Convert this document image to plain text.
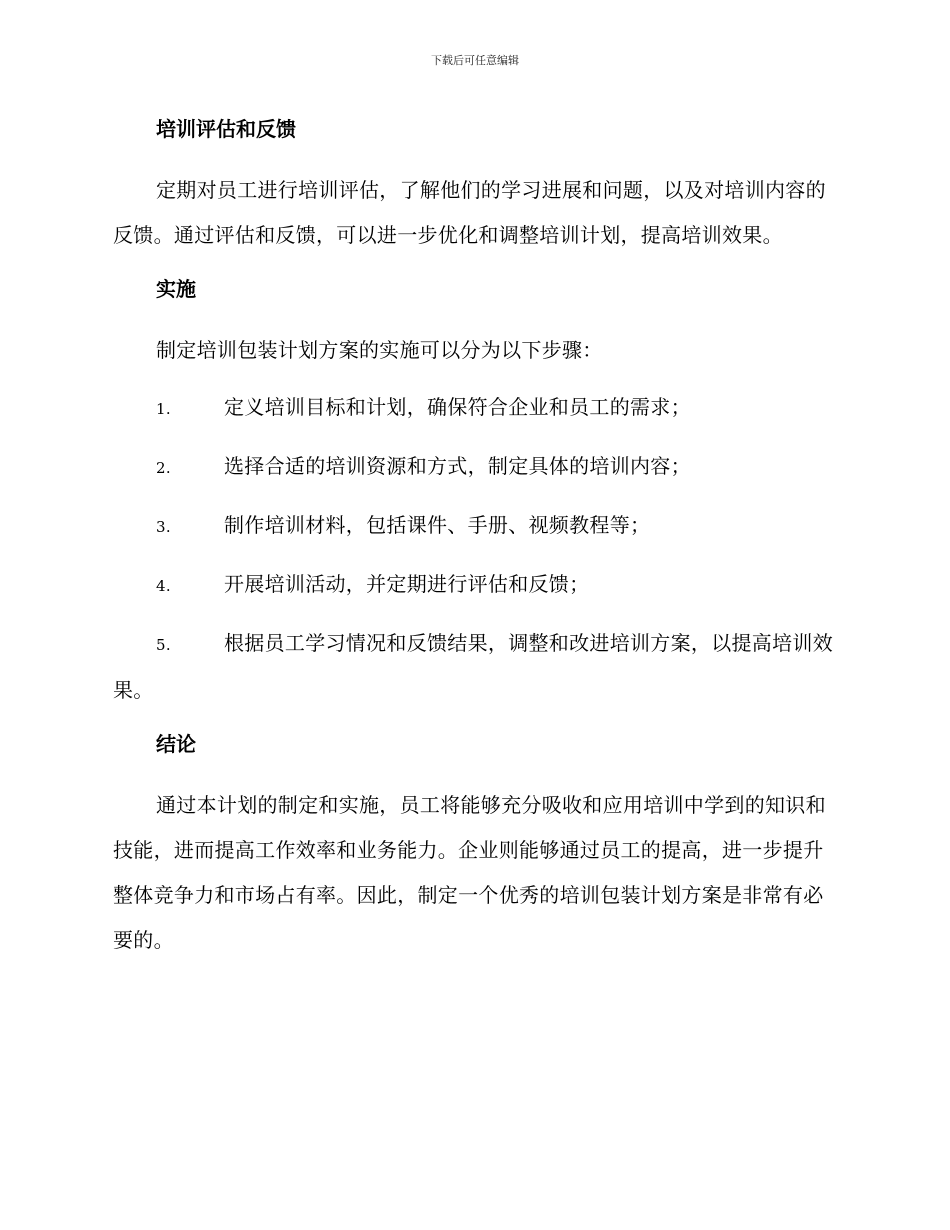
下载后可任意编辑
培训评估和反馈

定期对员工进行培训评估，了解他们的学习进展和问题，以及对培训内容的反馈。通过评估和反馈，可以进一步优化和调整培训计划，提高培训效果。

实施

制定培训包装计划方案的实施可以分为以下步骤：

1.	定义培训目标和计划，确保符合企业和员工的需求；
2.	选择合适的培训资源和方式，制定具体的培训内容；
3.	制作培训材料，包括课件、手册、视频教程等；
4.	开展培训活动，并定期进行评估和反馈；
5.	根据员工学习情况和反馈结果，调整和改进培训方案，以提高培训效果。
结论

通过本计划的制定和实施，员工将能够充分吸收和应用培训中学到的知识和技能，进而提高工作效率和业务能力。企业则能够通过员工的提高，进一步提升整体竞争力和市场占有率。因此，制定一个优秀的培训包装计划方案是非常有必要的。
